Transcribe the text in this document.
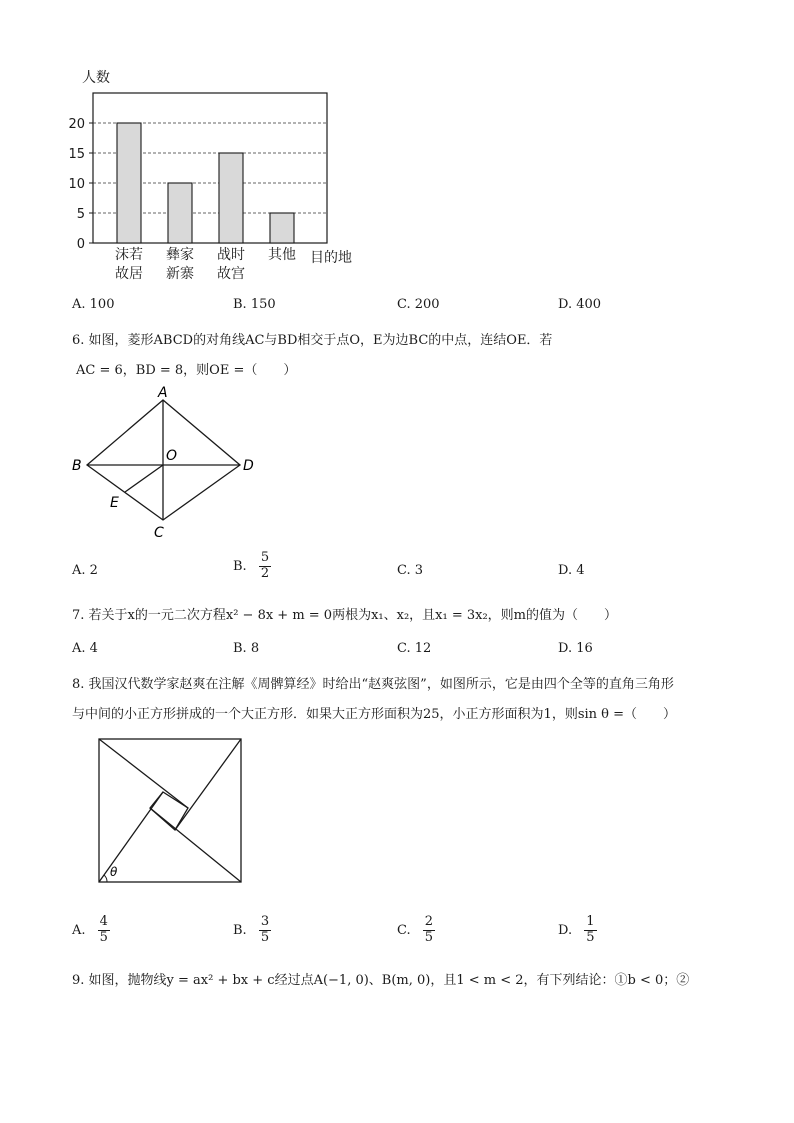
0
5
10
15
20
人数
沫若
故居
彝家
新寨
战时
故宫
其他 目的地
A. 100	B. 150	C. 200	D. 400
6. 如图，菱形ABCD的对角线AC与BD相交于点O，E为边BC的中点，连结OE．若
AC = 6，BD = 8，则OE =（　　）
A
B
C
D
O
E
A. 2	B. $\frac{5}{2}$	C. 3	D. 4
7. 若关于x的一元二次方程x² − 8x + m = 0两根为x₁、x₂，且x₁ = 3x₂，则m的值为（　　）
A. 4	B. 8	C. 12	D. 16
8. 我国汉代数学家赵爽在注解《周髀算经》时给出“赵爽弦图”，如图所示，它是由四个全等的直角三角形
与中间的小正方形拼成的一个大正方形．如果大正方形面积为25，小正方形面积为1，则sin θ =（　　）
θ
A. $\frac{4}{5}$	B. $\frac{3}{5}$	C. $\frac{2}{5}$	D. $\frac{1}{5}$
9. 如图，抛物线y = ax² + bx + c经过点A(−1, 0)、B(m, 0)，且1 < m < 2，有下列结论：①b < 0；②
